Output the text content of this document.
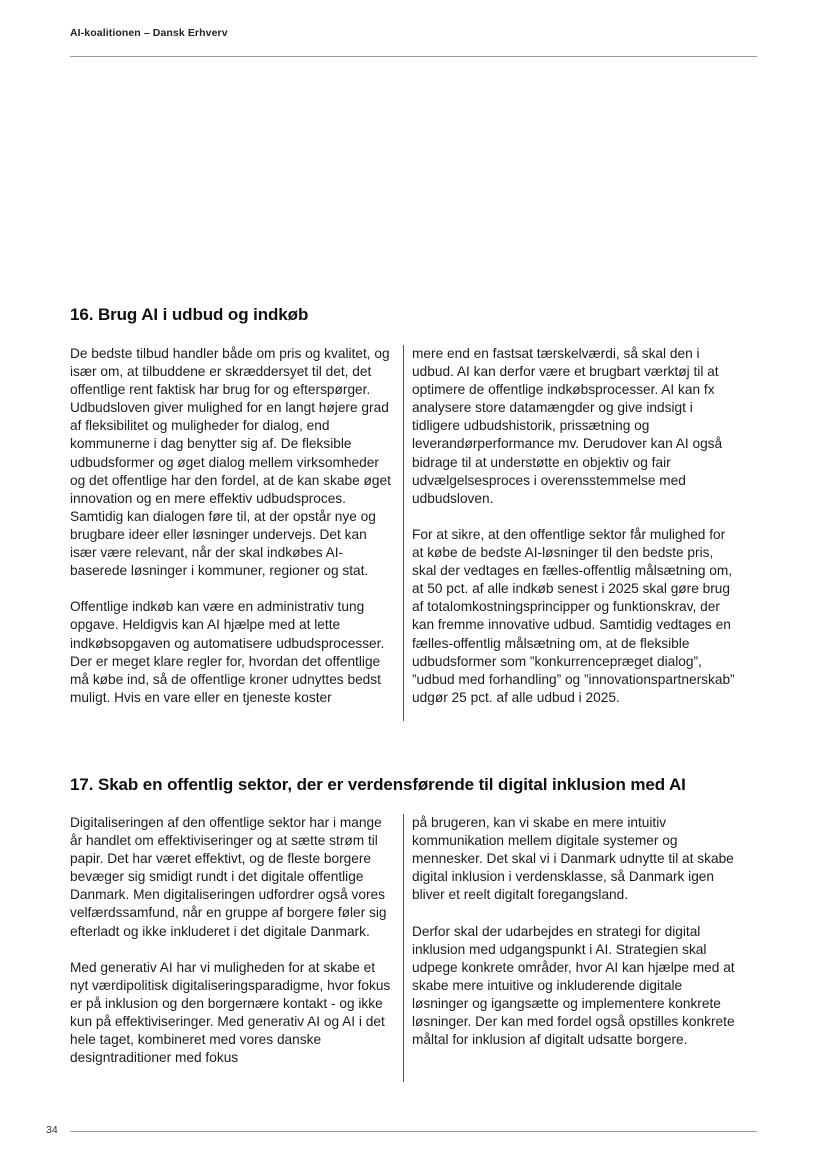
AI-koalitionen – Dansk Erhverv
16. Brug AI i udbud og indkøb

De bedste tilbud handler både om pris og kvalitet, og især om, at tilbuddene er skræddersyet til det, det offentlige rent faktisk har brug for og efterspørger. Udbudsloven giver mulighed for en langt højere grad af fleksibilitet og muligheder for dialog, end kommunerne i dag benytter sig af. De fleksible udbudsformer og øget dialog mellem virksomheder og det offentlige har den fordel, at de kan skabe øget innovation og en mere effektiv udbudsproces. Samtidig kan dialogen føre til, at der opstår nye og brugbare ideer eller løsninger undervejs. Det kan især være relevant, når der skal indkøbes AI-baserede løsninger i kommuner, regioner og stat.

Offentlige indkøb kan være en administrativ tung opgave. Heldigvis kan AI hjælpe med at lette indkøbsopgaven og automatisere udbudsprocesser. Der er meget klare regler for, hvordan det offentlige må købe ind, så de offentlige kroner udnyttes bedst muligt. Hvis en vare eller en tjeneste koster

mere end en fastsat tærskelværdi, så skal den i udbud. AI kan derfor være et brugbart værktøj til at optimere de offentlige indkøbsprocesser. AI kan fx analysere store datamængder og give indsigt i tidligere udbudshistorik, prissætning og leverandørperformance mv. Derudover kan AI også bidrage til at understøtte en objektiv og fair udvælgelsesproces i overensstemmelse med udbudsloven.

For at sikre, at den offentlige sektor får mulighed for at købe de bedste AI-løsninger til den bedste pris, skal der vedtages en fælles-offentlig målsætning om, at 50 pct. af alle indkøb senest i 2025 skal gøre brug af totalomkostningsprincipper og funktionskrav, der kan fremme innovative udbud. Samtidig vedtages en fælles-offentlig målsætning om, at de fleksible udbudsformer som ”konkurrencepræget dialog”, ”udbud med forhandling” og ”innovationspartnerskab” udgør 25 pct. af alle udbud i 2025.

17. Skab en offentlig sektor, der er verdensførende til digital inklusion med AI

Digitaliseringen af den offentlige sektor har i mange år handlet om effektiviseringer og at sætte strøm til papir. Det har været effektivt, og de fleste borgere bevæger sig smidigt rundt i det digitale offentlige Danmark. Men digitaliseringen udfordrer også vores velfærdssamfund, når en gruppe af borgere føler sig efterladt og ikke inkluderet i det digitale Danmark.

Med generativ AI har vi muligheden for at skabe et nyt værdipolitisk digitaliseringsparadigme, hvor fokus er på inklusion og den borgernære kontakt - og ikke kun på effektiviseringer. Med generativ AI og AI i det hele taget, kombineret med vores danske designtraditioner med fokus

på brugeren, kan vi skabe en mere intuitiv kommunikation mellem digitale systemer og mennesker. Det skal vi i Danmark udnytte til at skabe digital inklusion i verdensklasse, så Danmark igen bliver et reelt digitalt foregangsland.

Derfor skal der udarbejdes en strategi for digital inklusion med udgangspunkt i AI. Strategien skal udpege konkrete områder, hvor AI kan hjælpe med at skabe mere intuitive og inkluderende digitale løsninger og igangsætte og implementere konkrete løsninger. Der kan med fordel også opstilles konkrete måltal for inklusion af digitalt udsatte borgere.

34
